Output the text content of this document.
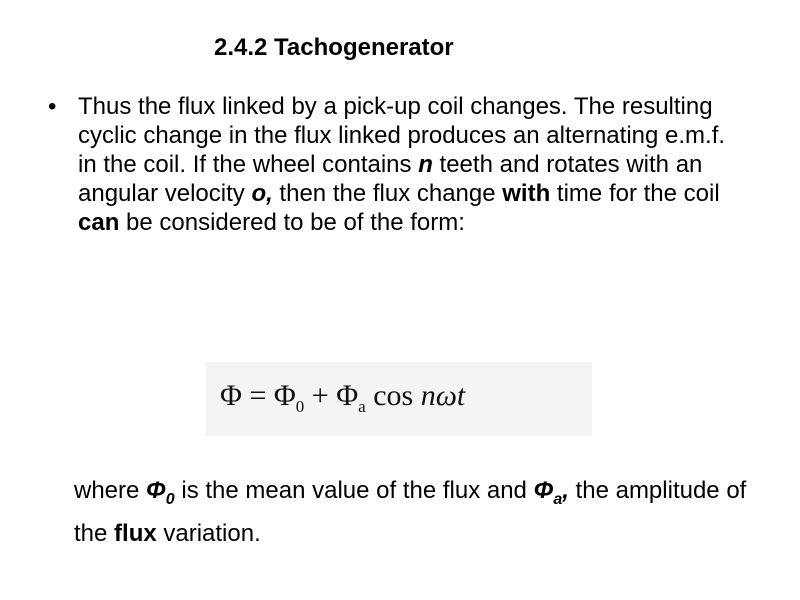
2.4.2 Tachogenerator
• Thus the flux linked by a pick-up coil changes. The resulting cyclic change in the flux linked produces an alternating e.m.f. in the coil. If the wheel contains n teeth and rotates with an angular velocity o, then the flux change with time for the coil can be considered to be of the form:
$\Phi = \Phi_0 + \Phi_a$ cos nωt
where $\Phi_0$ is the mean value of the flux and $\Phi_a$, the amplitude of the flux variation.
